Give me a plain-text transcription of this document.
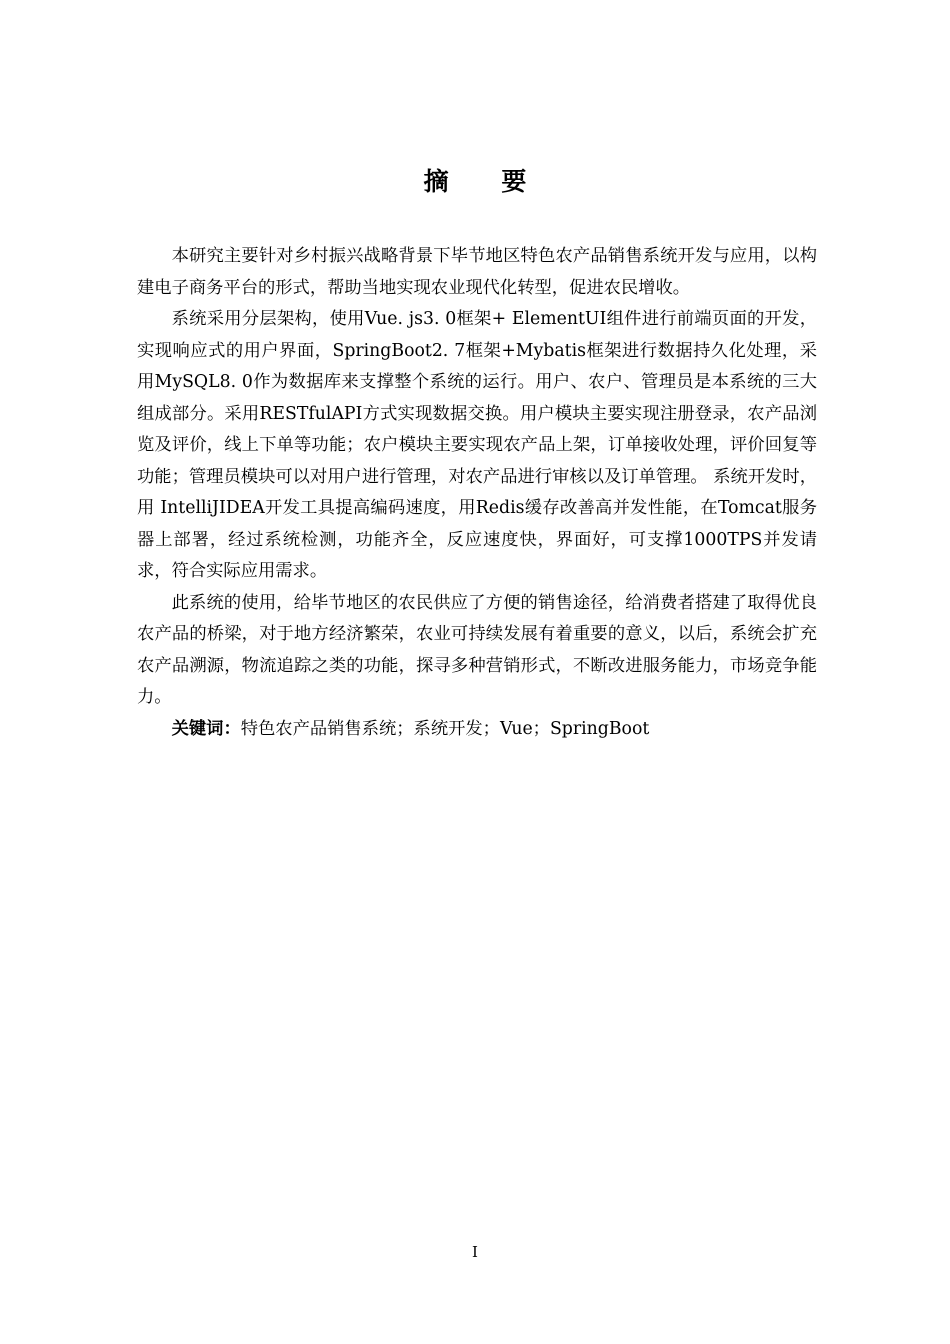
摘 要

本研究主要针对乡村振兴战略背景下毕节地区特色农产品销售系统开发与应用，以构建电子商务平台的形式，帮助当地实现农业现代化转型，促进农民增收。

系统采用分层架构，使用Vue. js3. 0框架+ ElementUI组件进行前端页面的开发，实现响应式的用户界面，SpringBoot2. 7框架+Mybatis框架进行数据持久化处理，采用MySQL8. 0作为数据库来支撑整个系统的运行。用户、农户、管理员是本系统的三大组成部分。采用RESTfulAPI方式实现数据交换。用户模块主要实现注册登录，农产品浏览及评价，线上下单等功能；农户模块主要实现农产品上架，订单接收处理，评价回复等功能；管理员模块可以对用户进行管理，对农产品进行审核以及订单管理。 系统开发时，用 IntelliJIDEA开发工具提高编码速度，用Redis缓存改善高并发性能，在Tomcat服务器上部署，经过系统检测，功能齐全，反应速度快，界面好，可支撑1000TPS并发请求，符合实际应用需求。

此系统的使用，给毕节地区的农民供应了方便的销售途径，给消费者搭建了取得优良农产品的桥梁，对于地方经济繁荣，农业可持续发展有着重要的意义，以后，系统会扩充农产品溯源，物流追踪之类的功能，探寻多种营销形式，不断改进服务能力，市场竞争能力。

关键词：特色农产品销售系统；系统开发；Vue；SpringBoot

I
